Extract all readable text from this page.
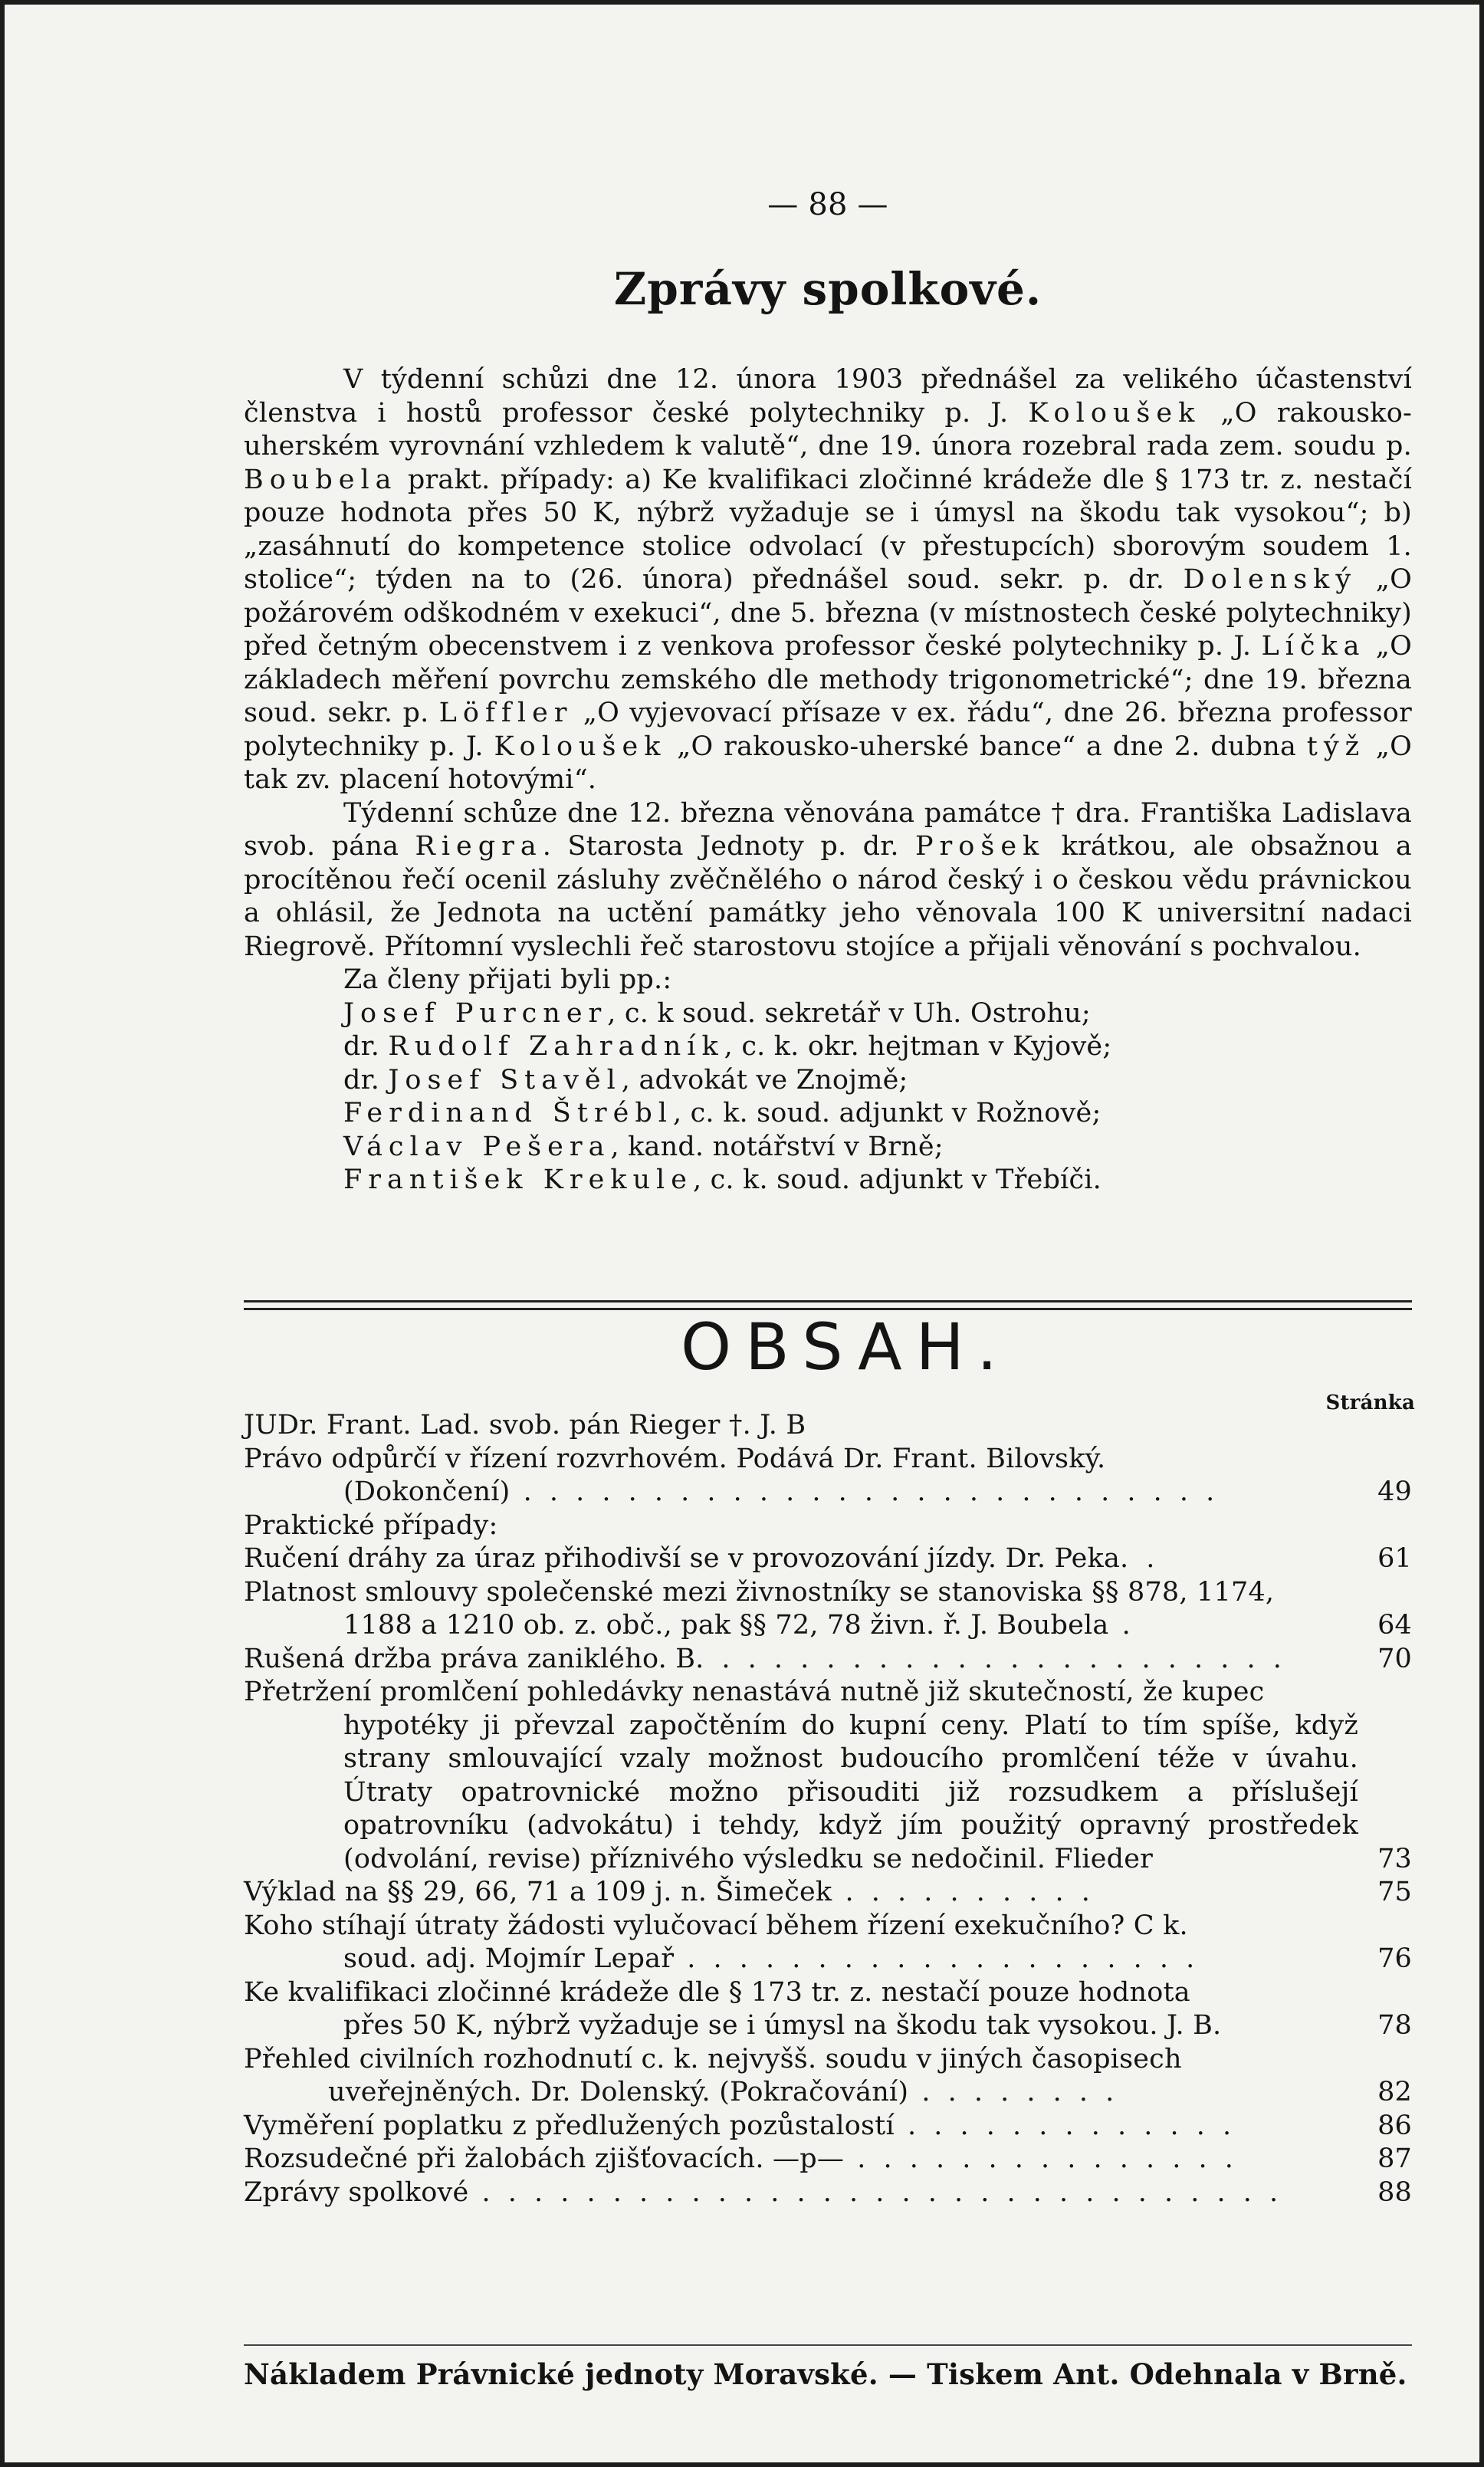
— 88 —
Zprávy spolkové.

V týdenní schůzi dne 12. února 1903 přednášel za velikého účastenství členstva i hostů professor české polytechniky p. J. Koloušek „O rakousko-uherském vyrovnání vzhledem k valutě“, dne 19. února rozebral rada zem. soudu p. Boubela prakt. případy: a) Ke kvalifikaci zločinné krádeže dle § 173 tr. z. nestačí pouze hodnota přes 50 K, nýbrž vyžaduje se i úmysl na škodu tak vysokou“; b) „zasáhnutí do kompetence stolice odvolací (v přestupcích) sborovým soudem 1. stolice“; týden na to (26. února) přednášel soud. sekr. p. dr. Dolenský „O požárovém odškodném v exekuci“, dne 5. března (v místnostech české polytechniky) před četným obecenstvem i z venkova professor české polytechniky p. J. Líčka „O základech měření povrchu zemského dle methody trigonometrické“; dne 19. března soud. sekr. p. Löffler „O vyjevovací přísaze v ex. řádu“, dne 26. března professor polytechniky p. J. Koloušek „O rakousko-uherské bance“ a dne 2. dubna týž „O tak zv. placení hotovými“.

Týdenní schůze dne 12. března věnována památce † dra. Františka Ladislava svob. pána Riegra. Starosta Jednoty p. dr. Prošek krátkou, ale obsažnou a procítěnou řečí ocenil zásluhy zvěčnělého o národ český i o českou vědu právnickou a ohlásil, že Jednota na uctění památky jeho věnovala 100 K universitní nadaci Riegrově. Přítomní vyslechli řeč starostovu stojíce a přijali věnování s pochvalou.

Za členy přijati byli pp.:

Josef Purcner, c. k soud. sekretář v Uh. Ostrohu;
dr. Rudolf Zahradník, c. k. okr. hejtman v Kyjově;
dr. Josef Stavěl, advokát ve Znojmě;
Ferdinand Štrébl, c. k. soud. adjunkt v Rožnově;
Václav Pešera, kand. notářství v Brně;
František Krekule, c. k. soud. adjunkt v Třebíči.
OBSAH.
Stránka
JUDr. Frant. Lad. svob. pán Rieger †. J. B
Právo odpůrčí v řízení rozvrhovém. Podává Dr. Frant. Bilovský.
(Dokončení) . . . . . . . . . . . . . . . . . . . . . . . . . . .	49
Praktické případy:
Ručení dráhy za úraz přihodivší se v provozování jízdy. Dr. Peka. .	61
Platnost smlouvy společenské mezi živnostníky se stanoviska §§ 878, 1174,
1188 a 1210 ob. z. obč., pak §§ 72, 78 živn. ř. J. Boubela .	64
Rušená držba práva zaniklého. B. . . . . . . . . . . . . . . . . . . . . . .	70
Přetržení promlčení pohledávky nenastává nutně již skutečností, že kupec
hypotéky ji převzal započtěním do kupní ceny. Platí to tím spíše, když strany smlouvající vzaly možnost budoucího promlčení téže v úvahu. Útraty opatrovnické možno přisouditi již rozsudkem a příslušejí opatrovníku (advokátu) i tehdy, když jím použitý opravný prostředek (odvolání, revise) příznivého výsledku se nedočinil. Flieder	73
Výklad na §§ 29, 66, 71 a 109 j. n. Šimeček . . . . . . . . . .	75
Koho stíhají útraty žádosti vylučovací během řízení exekučního? C k.
soud. adj. Mojmír Lepař . . . . . . . . . . . . . . . . . . . .	76
Ke kvalifikaci zločinné krádeže dle § 173 tr. z. nestačí pouze hodnota
přes 50 K, nýbrž vyžaduje se i úmysl na škodu tak vysokou. J. B.	78
Přehled civilních rozhodnutí c. k. nejvyšš. soudu v jiných časopisech
uveřejněných. Dr. Dolenský. (Pokračování) . . . . . . . .	82
Vyměření poplatku z předlužených pozůstalostí . . . . . . . . . . . . .	86
Rozsudečné při žalobách zjišťovacích. —p— . . . . . . . . . . . . . . .	87
Zprávy spolkové . . . . . . . . . . . . . . . . . . . . . . . . . . . . . . .	88
Nákladem Právnické jednoty Moravské. — Tiskem Ant. Odehnala v Brně.
